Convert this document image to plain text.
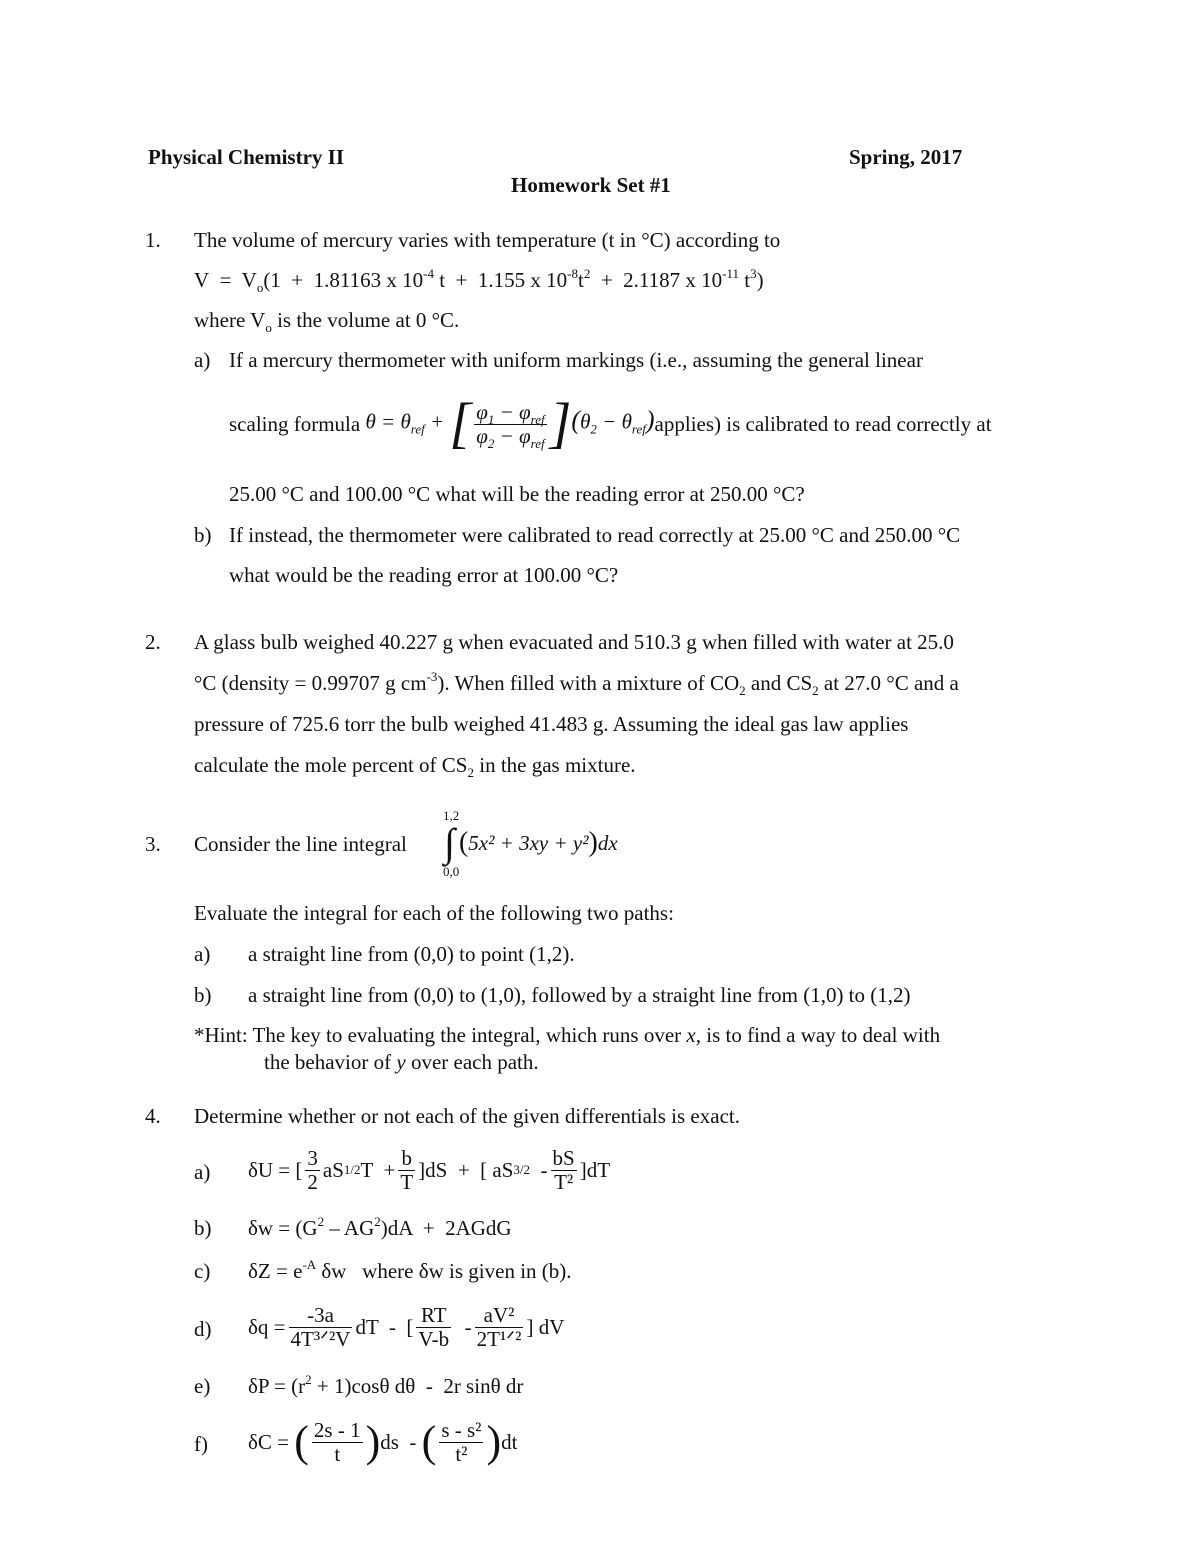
Physical Chemistry II	Spring, 2017
Homework Set #1
1. The volume of mercury varies with temperature (t in °C) according to
$V = V_o(1 + 1.81163$ x $10^{-4}$ t  +  1.155 x $10^{-8}t^2 + 2.1187$ x $10^{-11}$ $t^3$)
where $V_o$ is the volume at 0 °C.
a) If a mercury thermometer with uniform markings (i.e., assuming the general linear
scaling formula
$\theta = \theta_{ref}$ + [ $\frac{\varphi_1 - \varphi_{ref}}{\varphi_2 - \varphi_{ref}} ](\theta_2 - \theta_{ref})$ applies) is calibrated to read correctly at
25.00 °C and 100.00 °C what will be the reading error at 250.00 °C?
b) If instead, the thermometer were calibrated to read correctly at 25.00 °C and 250.00 °C
what would be the reading error at 100.00 °C?
2. A glass bulb weighed 40.227 g when evacuated and 510.3 g when filled with water at 25.0
°C (density = 0.99707 g $cm^{-3}$). When filled with a mixture of $CO_2$ and $CS_2$ at 27.0 °C and a
pressure of 725.6 torr the bulb weighed 41.483 g. Assuming the ideal gas law applies
calculate the mole percent of $CS_2$ in the gas mixture.
3. Consider the line integral
1,2
0,0
∫ ( 5x² + 3xy + y² ) dx
Evaluate the integral for each of the following two paths:
a) a straight line from (0,0) to point (1,2).
b) a straight line from (0,0) to (1,0), followed by a straight line from (1,0) to (1,2)
*Hint: The key to evaluating the integral, which runs over x, is to find a way to deal with
the behavior of y over each path.
4. Determine whether or not each of the given differentials is exact.
a) δU = [ $\frac{3}{2}$ aS 1/2 $T + \frac{b}{T} ]dS$  +  [ aS $3/2 - \frac{bS}{\text{T²}} ]dT$
b) $\delta w = (G^2 - AG^2)dA$  +  2AGdG
c) $\delta Z = e^{-A}$ δw   where δw is given in (b).
d) $\delta q = \frac{-3a}{\text{4T³ᐟ²V}}$ dT  -  [ $\frac{RT}{V-b} - \frac{\text{aV²}}{\text{2T¹ᐟ²}}$ ] dV
e) $\delta P = (r^2 + 1)\cos\theta$ dθ  -  2r sinθ dr
f) δC =
( $\frac{2s - 1}{t}$ ) ds  -
( $\frac{\text{s - s²}}{\text{t²}}$ ) dt
